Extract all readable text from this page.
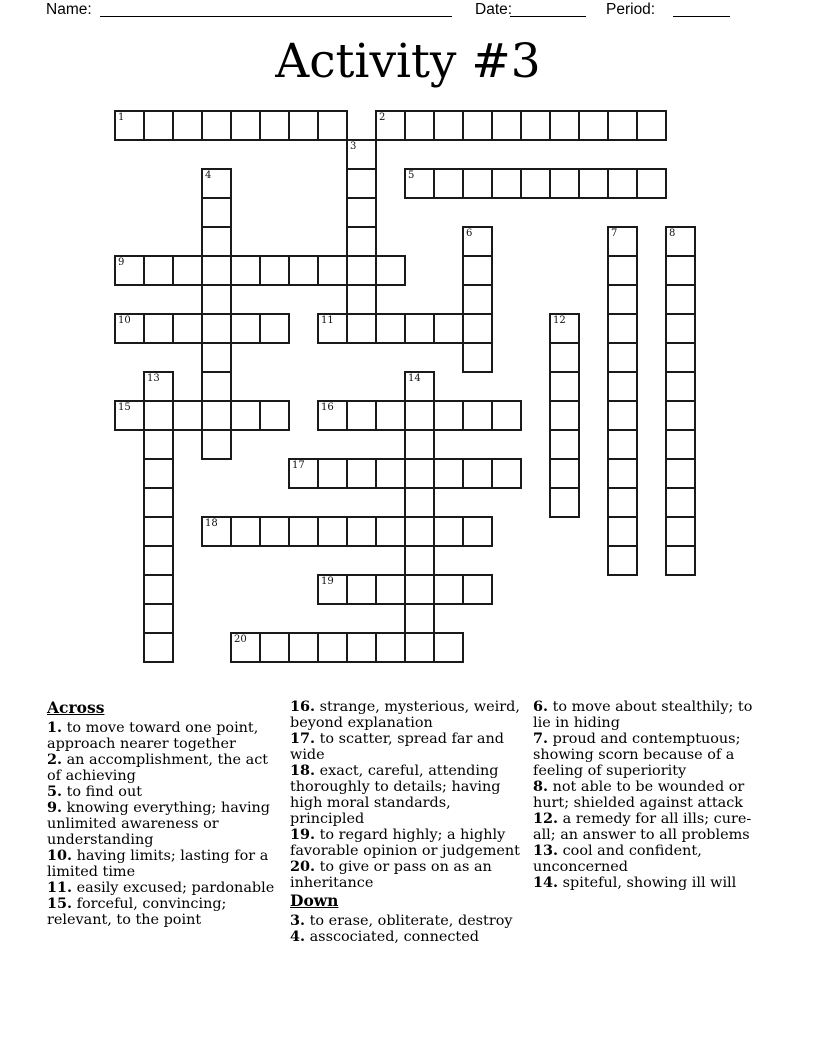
Name:	Date:	Period:
Activity #3
1	2
3
4	5
6	7	8
9
10	11	12
13	14
15	16
17
18
19
20
Across

1. to move toward one point, approach nearer together

2. an accomplishment, the act of achieving

5. to find out

9. knowing everything; having unlimited awareness or understanding

10. having limits; lasting for a limited time

11. easily excused; pardonable

15. forceful, convincing; relevant, to the point

16. strange, mysterious, weird, beyond explanation

17. to scatter, spread far and wide

18. exact, careful, attending thoroughly to details; having high moral standards, principled

19. to regard highly; a highly favorable opinion or judgement

20. to give or pass on as an inheritance

Down

3. to erase, obliterate, destroy

4. asscociated, connected

6. to move about stealthily; to lie in hiding

7. proud and contemptuous; showing scorn because of a feeling of superiority

8. not able to be wounded or hurt; shielded against attack

12. a remedy for all ills; cure-all; an answer to all problems

13. cool and confident, unconcerned

14. spiteful, showing ill will
